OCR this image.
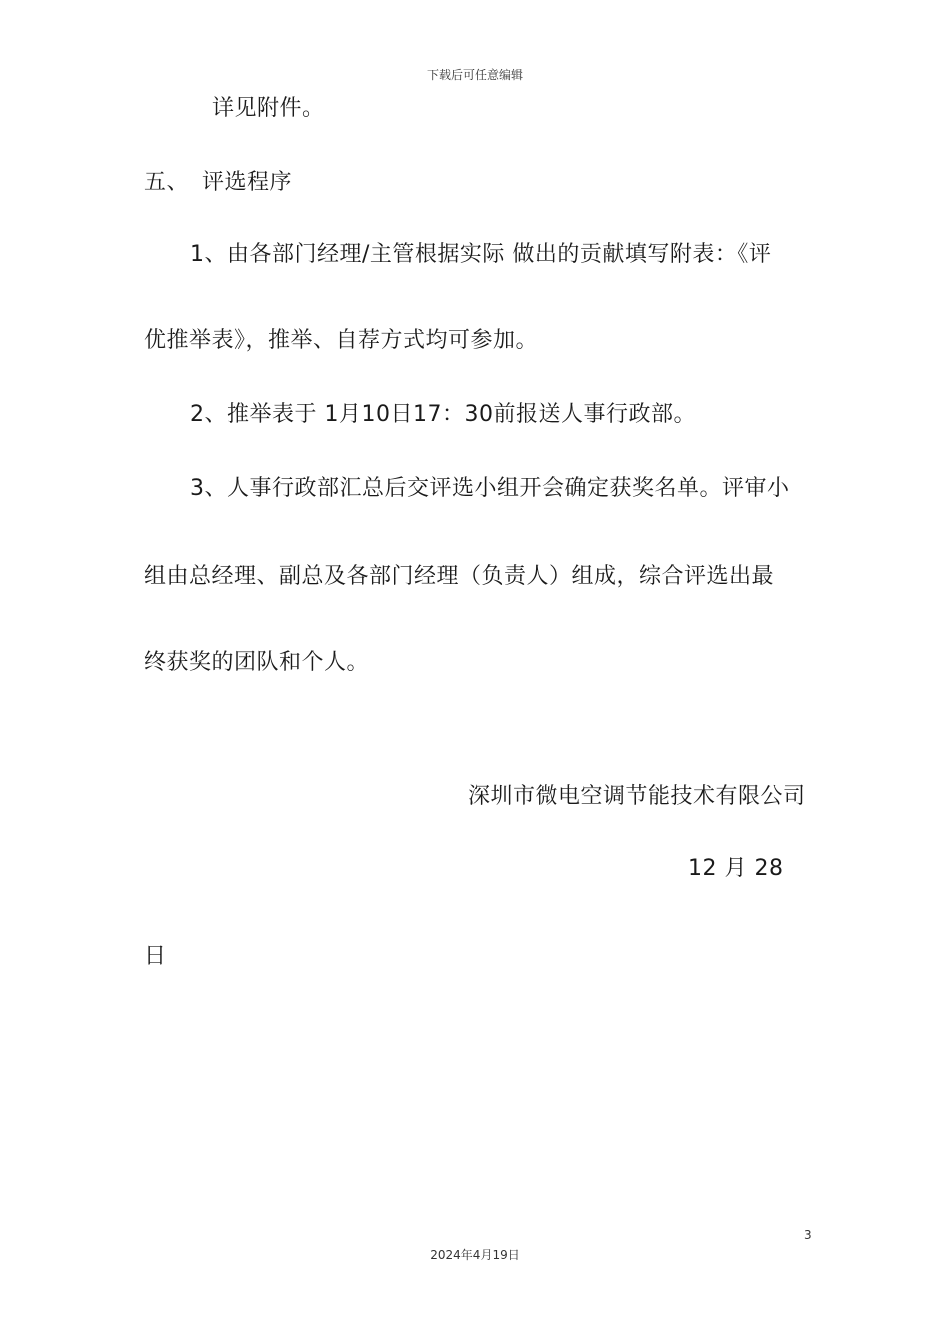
下载后可任意编辑
详见附件。
五、 评选程序
1、由各部门经理/主管根据实际 做出的贡献填写附表：《评
优推举表》，推举、自荐方式均可参加。
2、推举表于 1月10日17：30前报送人事行政部。
3、人事行政部汇总后交评选小组开会确定获奖名单。评审小
组由总经理、副总及各部门经理（负责人）组成，综合评选出最
终获奖的团队和个人。
深圳市微电空调节能技术有限公司
12 月 28
日
3
2024年4月19日
